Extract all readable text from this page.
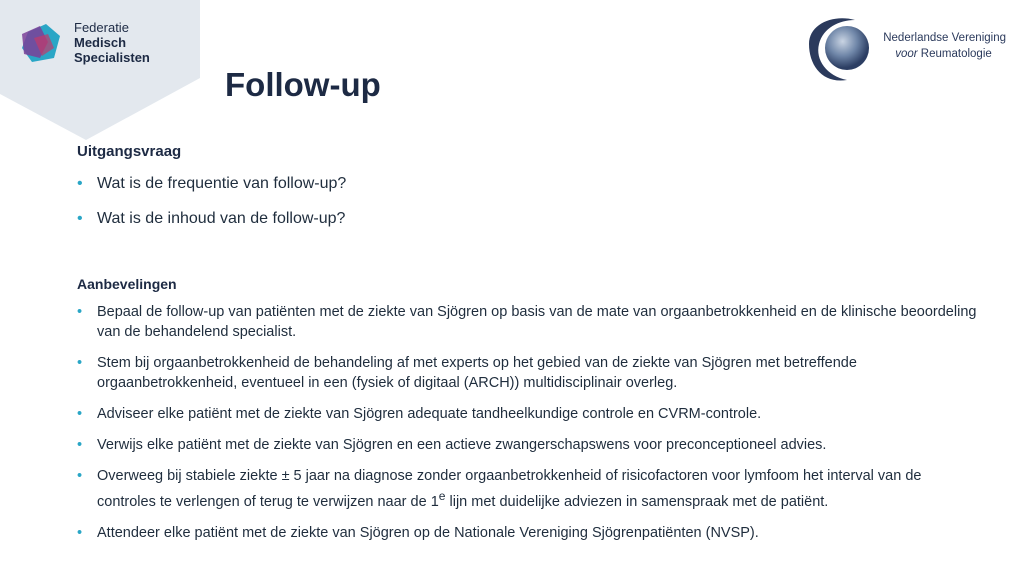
Federatie
Medisch
Specialisten
Nederlandse Vereniging
voor Reumatologie
Follow-up

Uitgangsvraag

• Wat is de frequentie van follow-up?
• Wat is de inhoud van de follow-up?

Aanbevelingen

• Bepaal de follow-up van patiënten met de ziekte van Sjögren op basis van de mate van orgaanbetrokkenheid en de klinische beoordeling van de behandelend specialist.
• Stem bij orgaanbetrokkenheid de behandeling af met experts op het gebied van de ziekte van Sjögren met betreffende orgaanbetrokkenheid, eventueel in een (fysiek of digitaal (ARCH)) multidisciplinair overleg.
• Adviseer elke patiënt met de ziekte van Sjögren adequate tandheelkundige controle en CVRM-controle.
• Verwijs elke patiënt met de ziekte van Sjögren en een actieve zwangerschapswens voor preconceptioneel advies.
• Overweeg bij stabiele ziekte ± 5 jaar na diagnose zonder orgaanbetrokkenheid of risicofactoren voor lymfoom het interval van de controles te verlengen of terug te verwijzen naar de 1e lijn met duidelijke adviezen in samenspraak met de patiënt.
• Attendeer elke patiënt met de ziekte van Sjögren op de Nationale Vereniging Sjögrenpatiënten (NVSP).
